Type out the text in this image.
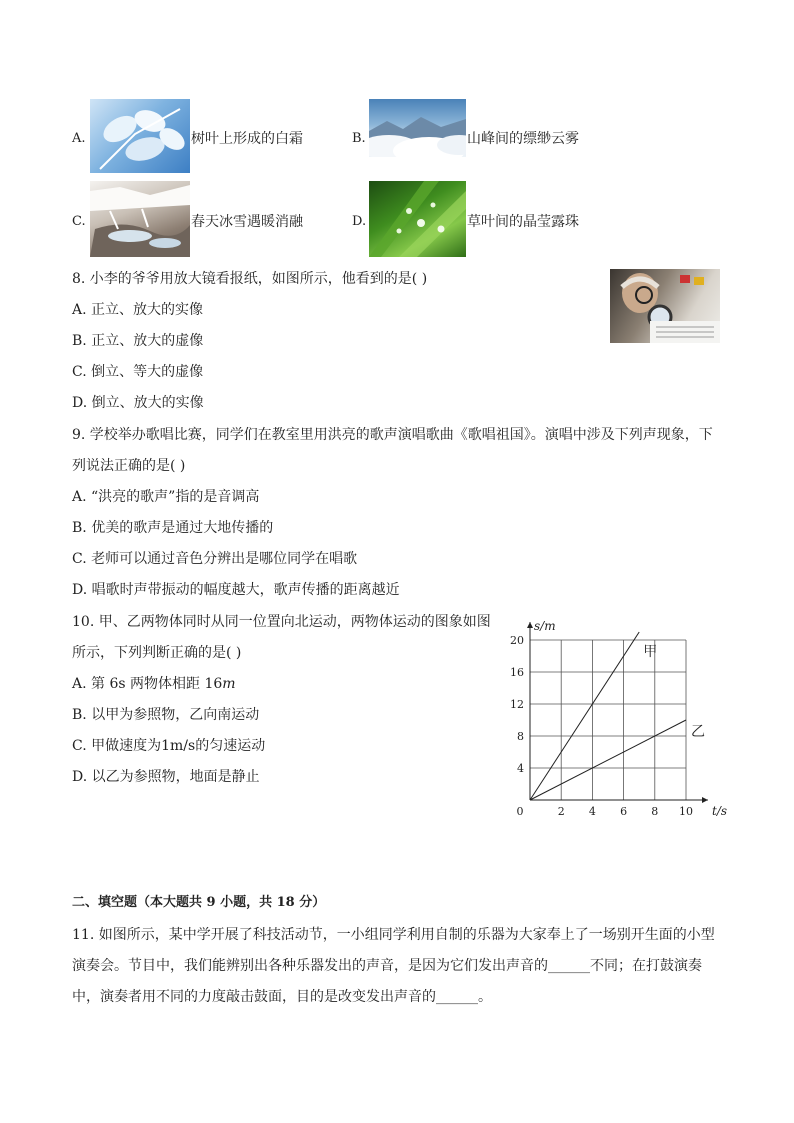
A.	树叶上形成的白霜	B.	山峰间的缥缈云雾
C.	春天冰雪遇暖消融	D.	草叶间的晶莹露珠
8. 小李的爷爷用放大镜看报纸，如图所示，他看到的是( )
A. 正立、放大的实像
B. 正立、放大的虚像
C. 倒立、等大的虚像
D. 倒立、放大的实像
9. 学校举办歌唱比赛，同学们在教室里用洪亮的歌声演唱歌曲《歌唱祖国》。演唱中涉及下列声现象，下
列说法正确的是( )
A. “洪亮的歌声”指的是音调高
B. 优美的歌声是通过大地传播的
C. 老师可以通过音色分辨出是哪位同学在唱歌
D. 唱歌时声带振动的幅度越大，歌声传播的距离越近
10. 甲、乙两物体同时从同一位置向北运动，两物体运动的图象如图
所示，下列判断正确的是( )
A. 第 6s 两物体相距 16m
B. 以甲为参照物，乙向南运动
C. 甲做速度为1m/s的匀速运动
D. 以乙为参照物，地面是静止
0	2 4 6 8 10
4
8
12
16
20
t/s
s/m
甲
乙
二、填空题（本大题共 9 小题，共 18 分）
11. 如图所示，某中学开展了科技活动节，一小组同学利用自制的乐器为大家奉上了一场别开生面的小型
演奏会。节目中，我们能辨别出各种乐器发出的声音，是因为它们发出声音的______不同；在打鼓演奏
中，演奏者用不同的力度敲击鼓面，目的是改变发出声音的______。
